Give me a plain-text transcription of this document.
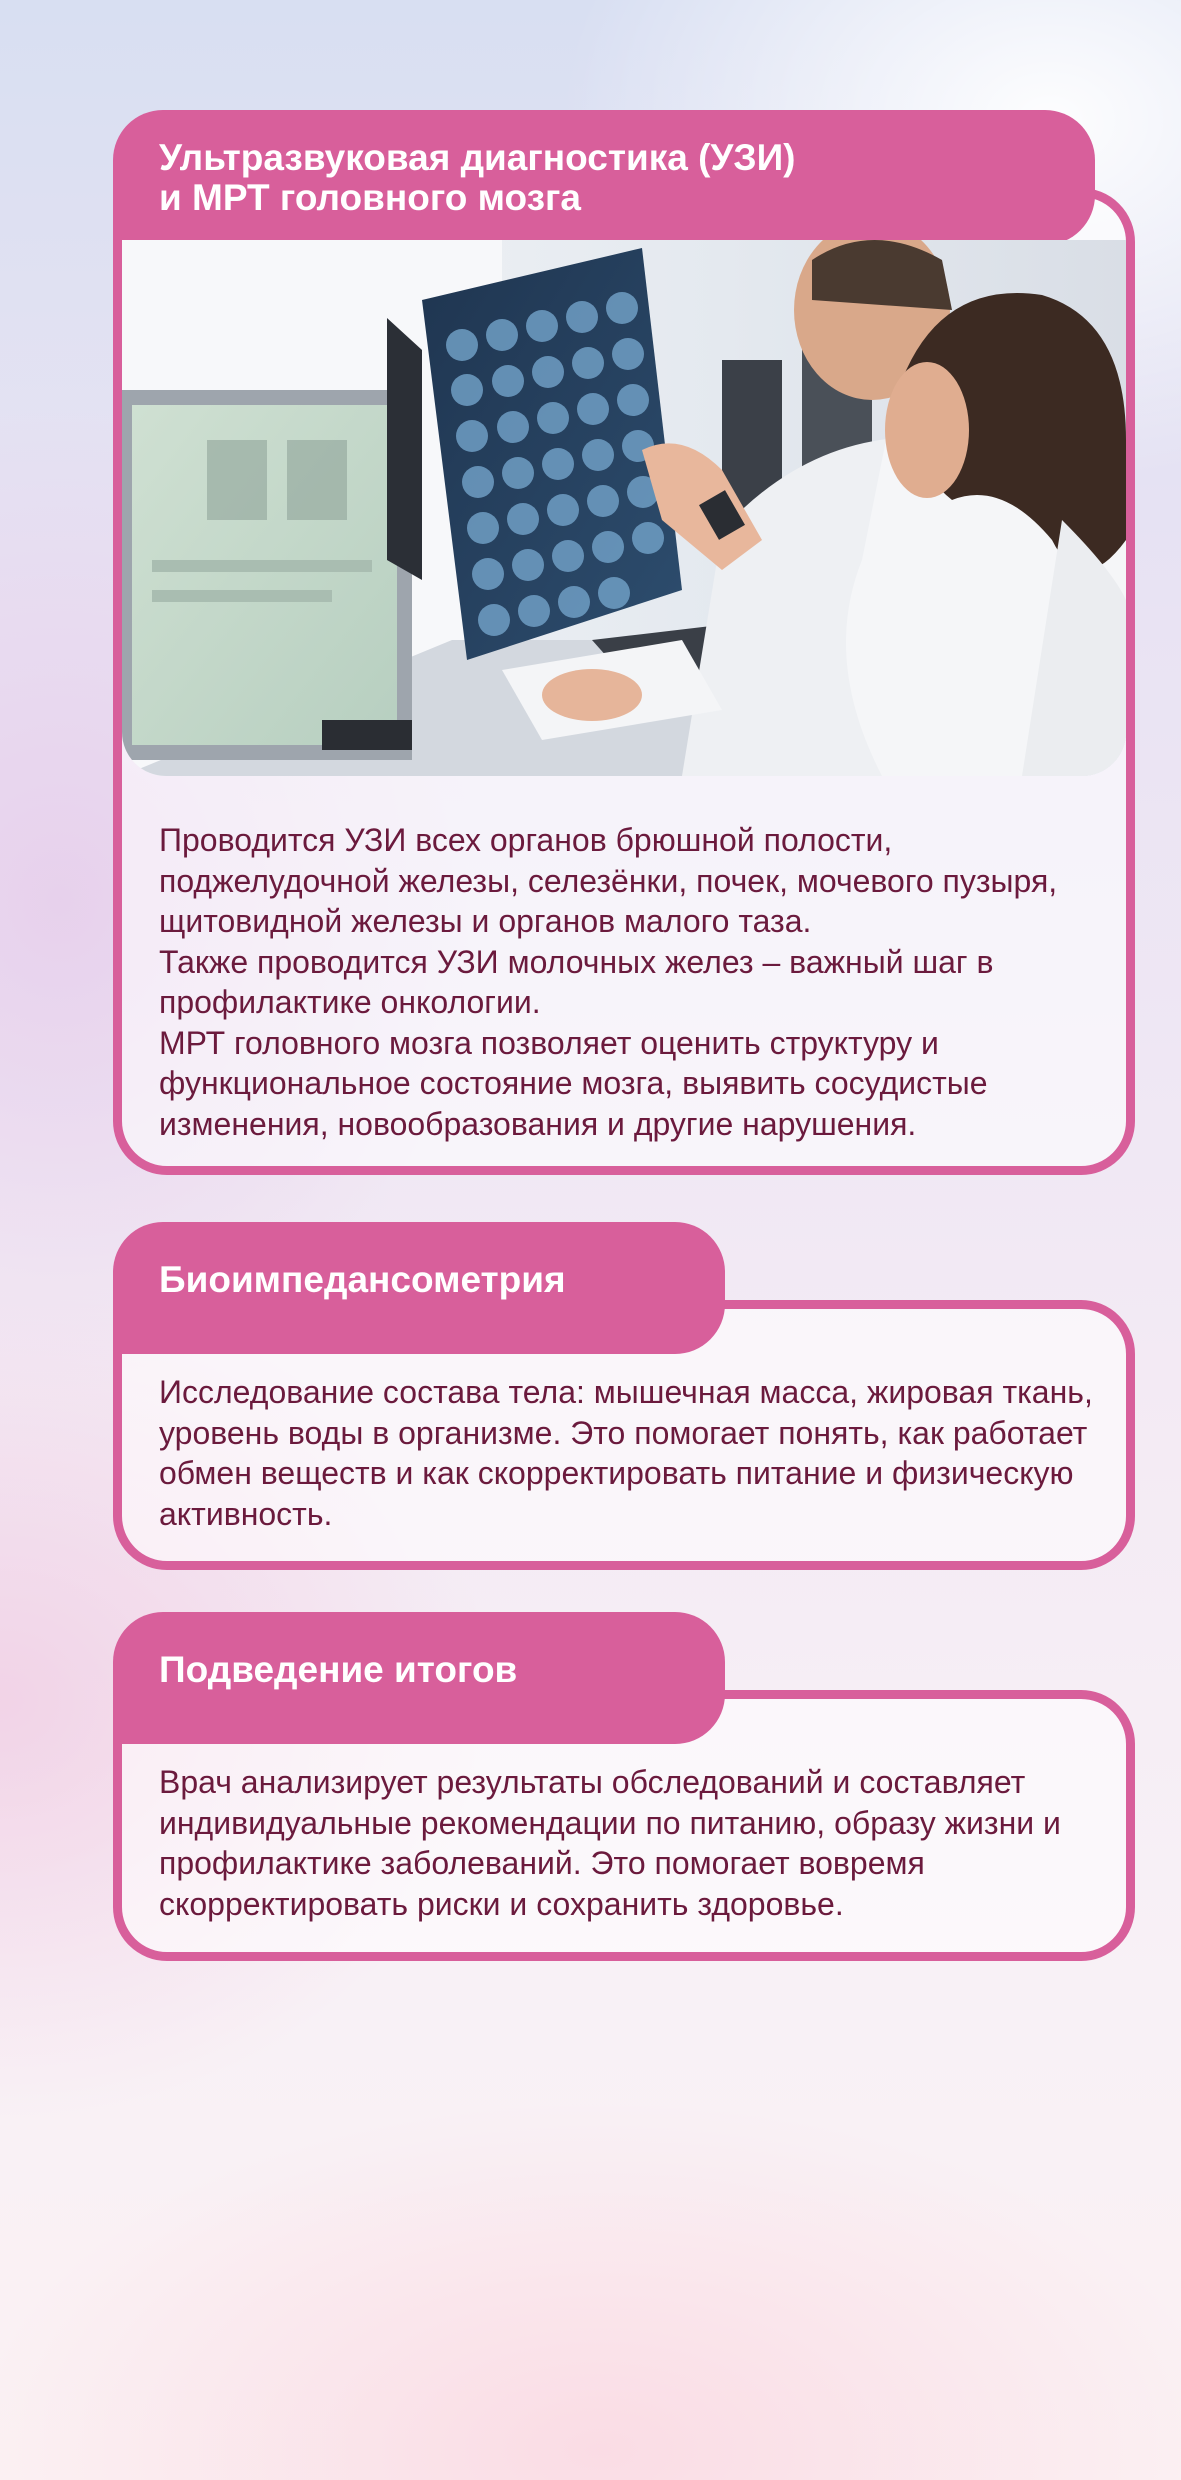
Ультразвуковая диагностика (УЗИ)
и МРТ головного мозга
Проводится УЗИ всех органов брюшной полости, поджелудочной железы, селезёнки, почек, мочевого пузыря, щитовидной железы и органов малого таза.
Также проводится УЗИ молочных желез – важный шаг в профилактике онкологии.
МРТ головного мозга позволяет оценить структуру и функциональное состояние мозга, выявить сосудистые изменения, новообразования и другие нарушения.
Биоимпедансометрия
Исследование состава тела: мышечная масса, жировая ткань, уровень воды в организме. Это помогает понять, как работает обмен веществ и как скорректировать питание и физическую активность.
Подведение итогов
Врач анализирует результаты обследований и составляет индивидуальные рекомендации по питанию, образу жизни и профилактике заболеваний. Это помогает вовремя скорректировать риски и сохранить здоровье.
